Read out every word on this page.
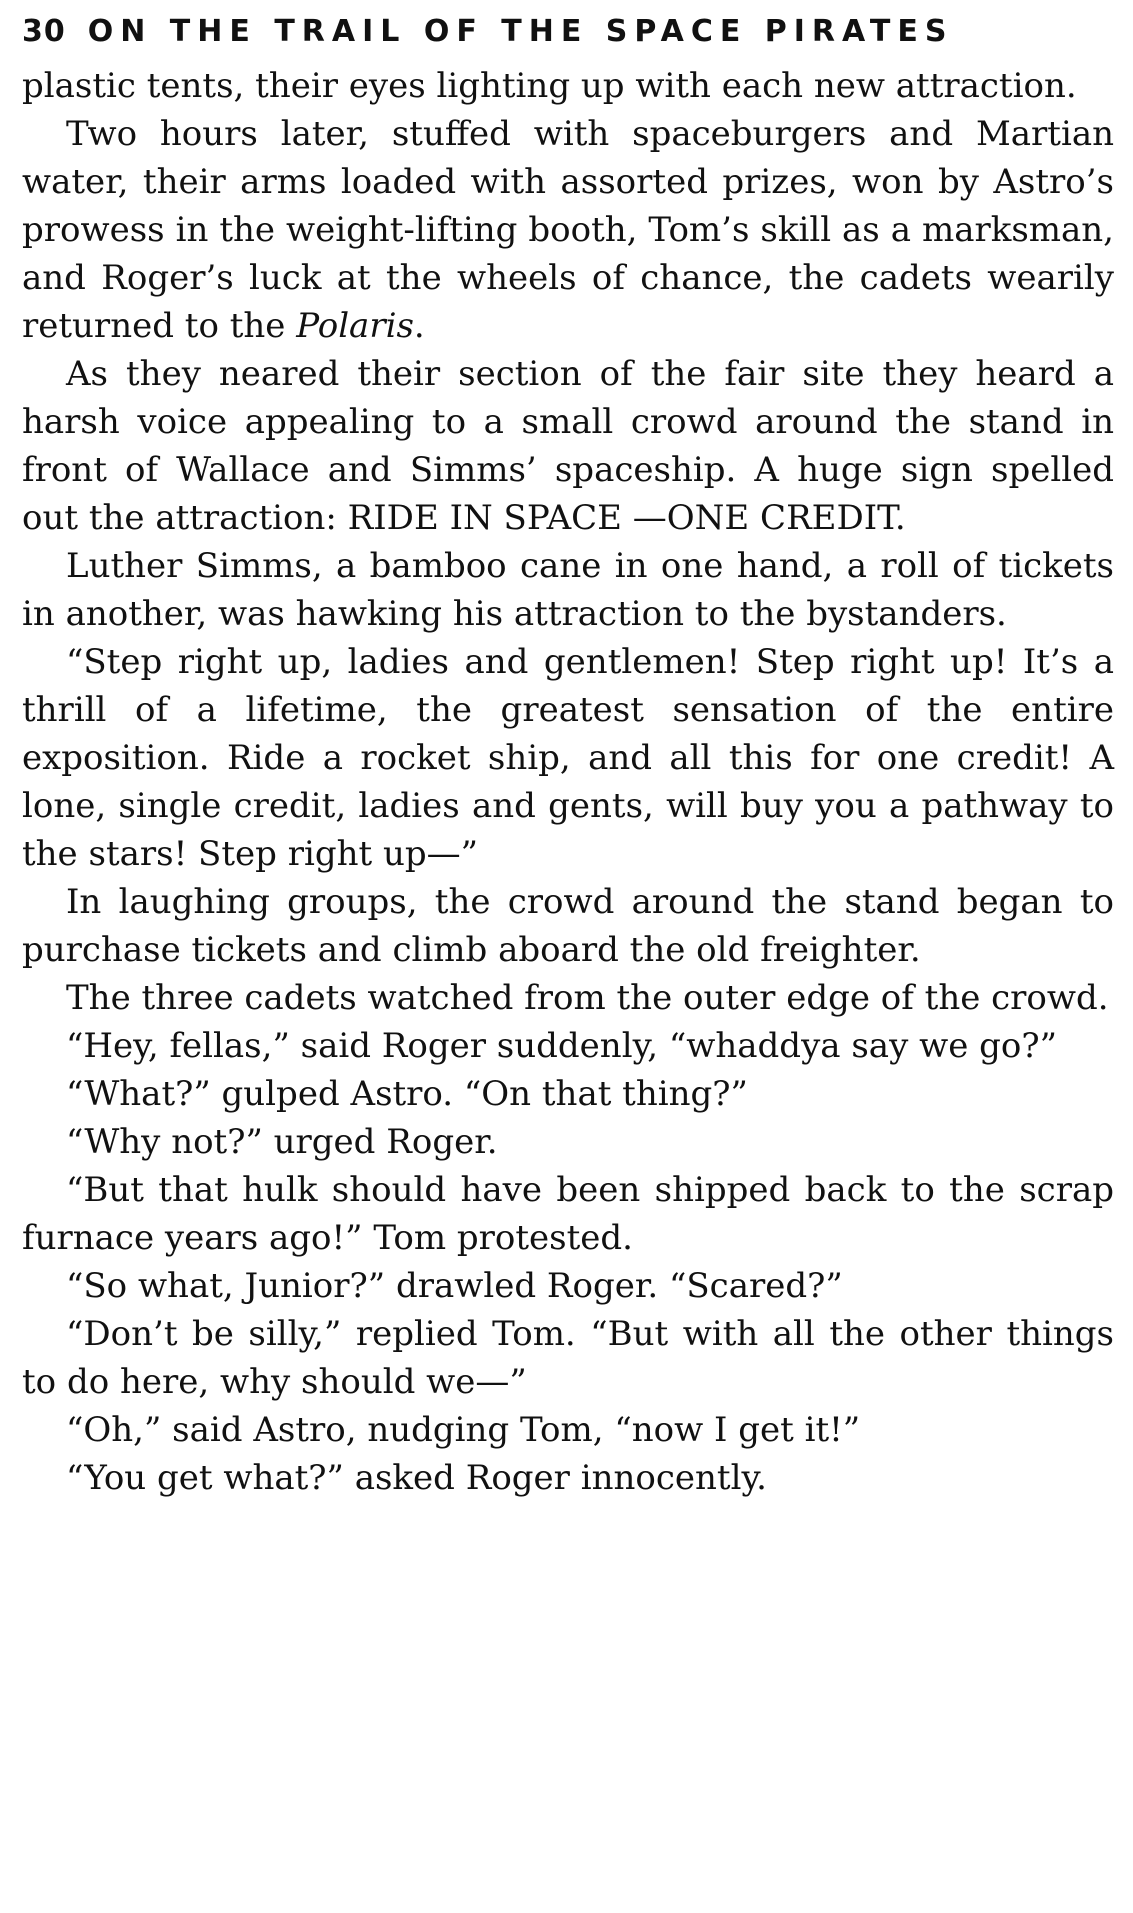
30 ON THE TRAIL OF THE SPACE PIRATES

plastic tents, their eyes lighting up with each new attraction.

Two hours later, stuffed with spaceburgers and Martian water, their arms loaded with assorted prizes, won by Astro’s prowess in the weight-lifting booth, Tom’s skill as a marksman, and Roger’s luck at the wheels of chance, the cadets wearily returned to the Polaris.

As they neared their section of the fair site they heard a harsh voice appealing to a small crowd around the stand in front of Wallace and Simms’ spaceship. A huge sign spelled out the attraction: RIDE IN SPACE —ONE CREDIT.

Luther Simms, a bamboo cane in one hand, a roll of tickets in another, was hawking his attraction to the bystanders.

“Step right up, ladies and gentlemen! Step right up! It’s a thrill of a lifetime, the greatest sensation of the entire exposition. Ride a rocket ship, and all this for one credit! A lone, single credit, ladies and gents, will buy you a pathway to the stars! Step right up—”

In laughing groups, the crowd around the stand began to purchase tickets and climb aboard the old freighter.

The three cadets watched from the outer edge of the crowd.

“Hey, fellas,” said Roger suddenly, “whaddya say we go?”

“What?” gulped Astro. “On that thing?”

“Why not?” urged Roger.

“But that hulk should have been shipped back to the scrap furnace years ago!” Tom protested.

“So what, Junior?” drawled Roger. “Scared?”

“Don’t be silly,” replied Tom. “But with all the other things to do here, why should we—”

“Oh,” said Astro, nudging Tom, “now I get it!”

“You get what?” asked Roger innocently.
